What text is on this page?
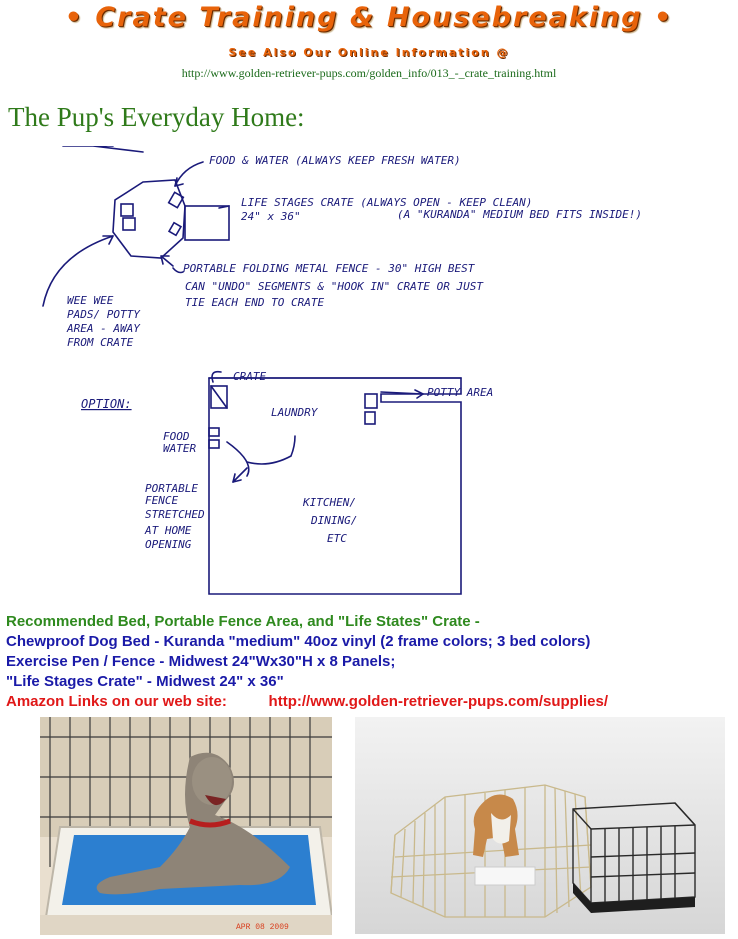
• Crate Training & Housebreaking •
See Also Our Online Information @
http://www.golden-retriever-pups.com/golden_info/013_-_crate_training.html
The Pup's Everyday Home:
FOOD & WATER (ALWAYS KEEP FRESH WATER)
LIFE STAGES CRATE (ALWAYS OPEN - KEEP CLEAN)
24" x 36"	(A "KURANDA" MEDIUM BED FITS INSIDE!)
PORTABLE FOLDING METAL FENCE - 30" HIGH BEST
CAN "UNDO" SEGMENTS & "HOOK IN" CRATE OR JUST
TIE EACH END TO CRATE
WEE WEE
PADS/ POTTY
AREA - AWAY
FROM CRATE
OPTION:
CRATE
LAUNDRY
POTTY AREA
FOOD
WATER
PORTABLE
FENCE
STRETCHED
AT HOME
OPENING
KITCHEN/
DINING/
ETC
Recommended Bed, Portable Fence Area, and "Life States" Crate -
Chewproof Dog Bed - Kuranda "medium" 40oz vinyl (2 frame colors; 3 bed colors)
Exercise Pen / Fence - Midwest 24"Wx30"H x 8 Panels;
"Life Stages Crate" - Midwest 24" x 36"
Amazon Links on our web site:	http://www.golden-retriever-pups.com/supplies/
APR 08 2009
